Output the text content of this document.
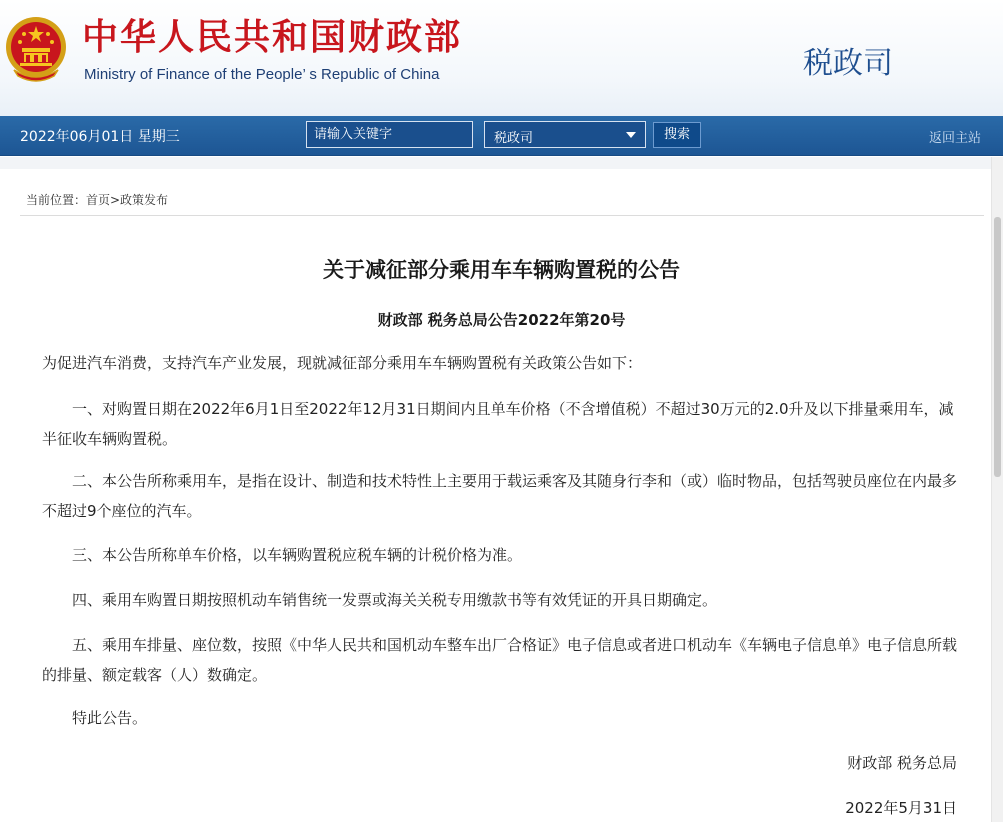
中华人民共和国财政部
Ministry of Finance of the People’ s Republic of China	税政司
2022年06月01日 星期三
请输入关键字	税政司	搜索	返回主站
当前位置：首页>政策发布
关于减征部分乘用车车辆购置税的公告
财政部 税务总局公告2022年第20号
为促进汽车消费，支持汽车产业发展，现就减征部分乘用车车辆购置税有关政策公告如下：
一、对购置日期在2022年6月1日至2022年12月31日期间内且单车价格（不含增值税）不超过30万元的2.0升及以下排量乘用车，减半征收车辆购置税。
二、本公告所称乘用车，是指在设计、制造和技术特性上主要用于载运乘客及其随身行李和（或）临时物品，包括驾驶员座位在内最多不超过9个座位的汽车。
三、本公告所称单车价格，以车辆购置税应税车辆的计税价格为准。
四、乘用车购置日期按照机动车销售统一发票或海关关税专用缴款书等有效凭证的开具日期确定。
五、乘用车排量、座位数，按照《中华人民共和国机动车整车出厂合格证》电子信息或者进口机动车《车辆电子信息单》电子信息所载的排量、额定载客（人）数确定。
特此公告。
财政部 税务总局
2022年5月31日
